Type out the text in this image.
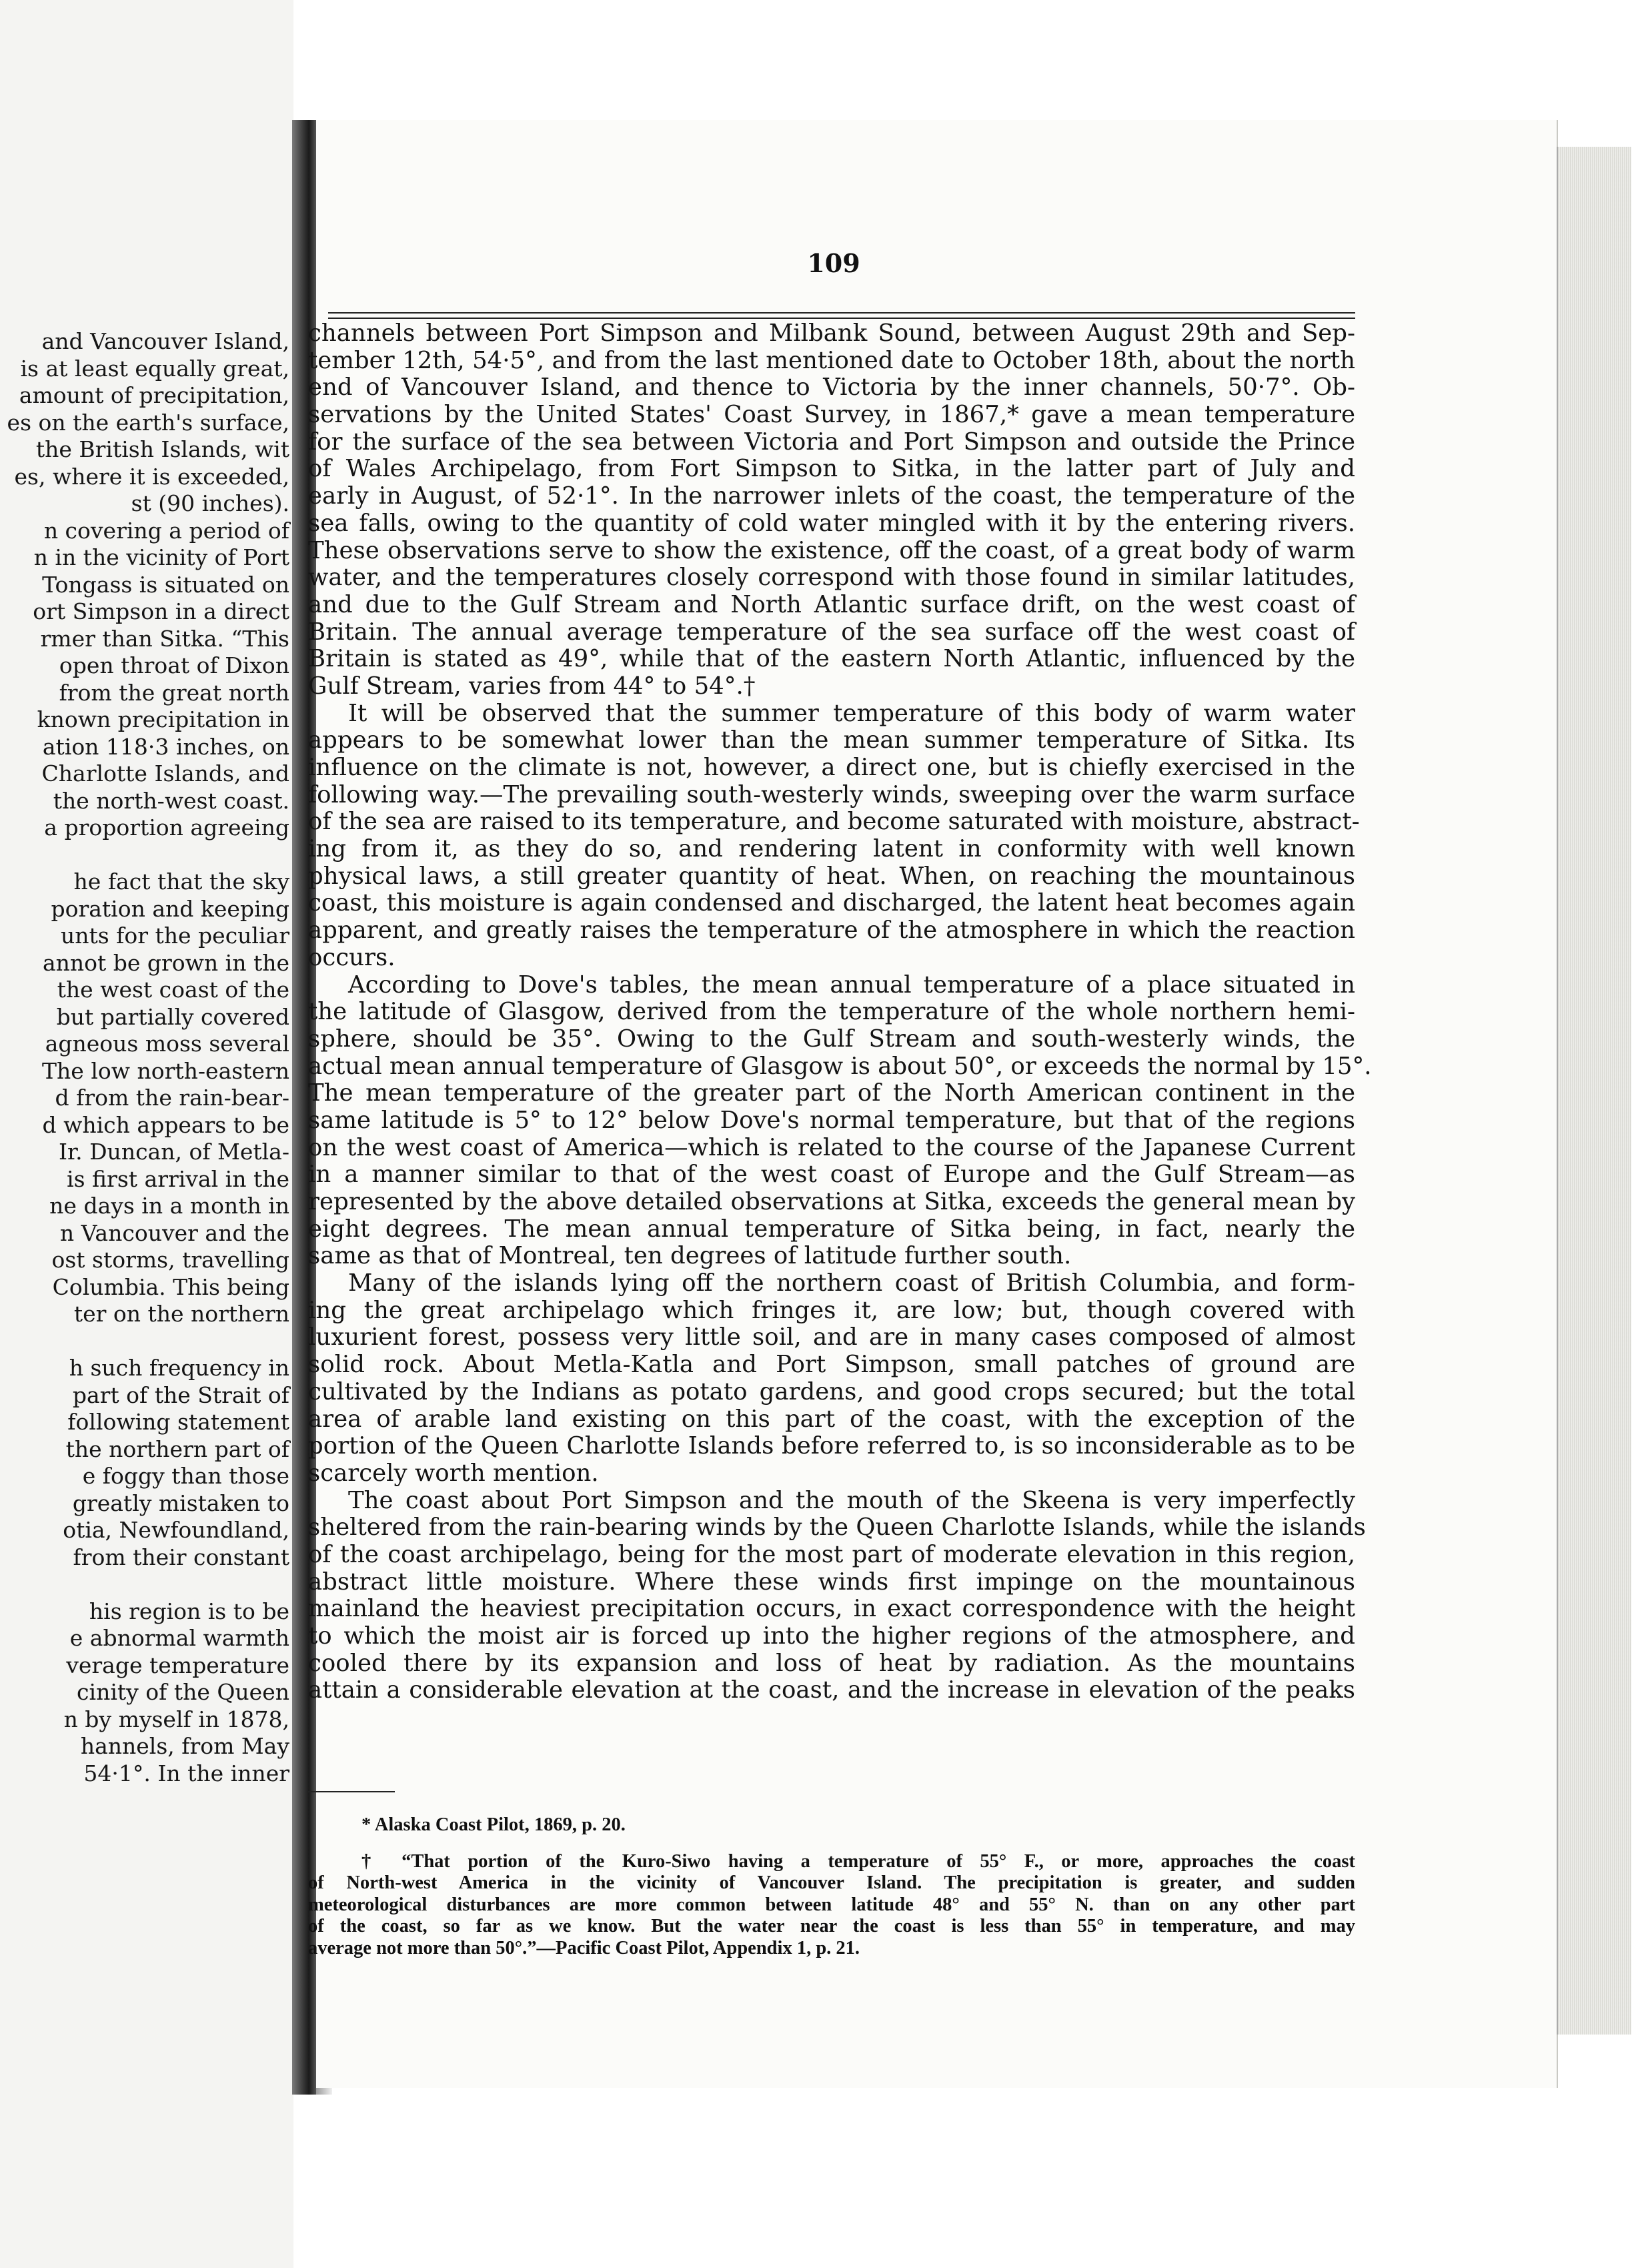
and Vancouver Island,
is at least equally great,
amount of precipitation,
es on the earth's surface,
the British Islands, wit
es, where it is exceeded,
st (90 inches).
n covering a period of
n in the vicinity of Port
Tongass is situated on
ort Simpson in a direct
rmer than Sitka. “This
open throat of Dixon
from the great north
known precipitation in
ation 118·3 inches, on
Charlotte Islands, and
the north-west coast.
a proportion agreeing
he fact that the sky
poration and keeping
unts for the peculiar
annot be grown in the
the west coast of the
but partially covered
agneous moss several
The low north-eastern
d from the rain-bear-
d which appears to be
Ir. Duncan, of Metla-
is first arrival in the
ne days in a month in
n Vancouver and the
ost storms, travelling
Columbia. This being
ter on the northern
h such frequency in
part of the Strait of
following statement
the northern part of
e foggy than those
greatly mistaken to
otia, Newfoundland,
from their constant
his region is to be
e abnormal warmth
verage temperature
cinity of the Queen
n by myself in 1878,
hannels, from May
54·1°. In the inner
109
channels between Port Simpson and Milbank Sound, between August 29th and Sep-
tember 12th, 54·5°, and from the last mentioned date to October 18th, about the north
end of Vancouver Island, and thence to Victoria by the inner channels, 50·7°. Ob-
servations by the United States' Coast Survey, in 1867,* gave a mean temperature
for the surface of the sea between Victoria and Port Simpson and outside the Prince
of Wales Archipelago, from Fort Simpson to Sitka, in the latter part of July and
early in August, of 52·1°. In the narrower inlets of the coast, the temperature of the
sea falls, owing to the quantity of cold water mingled with it by the entering rivers.
These observations serve to show the existence, off the coast, of a great body of warm
water, and the temperatures closely correspond with those found in similar latitudes,
and due to the Gulf Stream and North Atlantic surface drift, on the west coast of
Britain. The annual average temperature of the sea surface off the west coast of
Britain is stated as 49°, while that of the eastern North Atlantic, influenced by the
Gulf Stream, varies from 44° to 54°.†
It will be observed that the summer temperature of this body of warm water
appears to be somewhat lower than the mean summer temperature of Sitka. Its
influence on the climate is not, however, a direct one, but is chiefly exercised in the
following way.—The prevailing south-westerly winds, sweeping over the warm surface
of the sea are raised to its temperature, and become saturated with moisture, abstract-
ing from it, as they do so, and rendering latent in conformity with well known
physical laws, a still greater quantity of heat. When, on reaching the mountainous
coast, this moisture is again condensed and discharged, the latent heat becomes again
apparent, and greatly raises the temperature of the atmosphere in which the reaction
occurs.
According to Dove's tables, the mean annual temperature of a place situated in
the latitude of Glasgow, derived from the temperature of the whole northern hemi-
sphere, should be 35°. Owing to the Gulf Stream and south-westerly winds, the
actual mean annual temperature of Glasgow is about 50°, or exceeds the normal by 15°.
The mean temperature of the greater part of the North American continent in the
same latitude is 5° to 12° below Dove's normal temperature, but that of the regions
on the west coast of America—which is related to the course of the Japanese Current
in a manner similar to that of the west coast of Europe and the Gulf Stream—as
represented by the above detailed observations at Sitka, exceeds the general mean by
eight degrees. The mean annual temperature of Sitka being, in fact, nearly the
same as that of Montreal, ten degrees of latitude further south.
Many of the islands lying off the northern coast of British Columbia, and form-
ing the great archipelago which fringes it, are low; but, though covered with
luxurient forest, possess very little soil, and are in many cases composed of almost
solid rock. About Metla-Katla and Port Simpson, small patches of ground are
cultivated by the Indians as potato gardens, and good crops secured; but the total
area of arable land existing on this part of the coast, with the exception of the
portion of the Queen Charlotte Islands before referred to, is so inconsiderable as to be
scarcely worth mention.
The coast about Port Simpson and the mouth of the Skeena is very imperfectly
sheltered from the rain-bearing winds by the Queen Charlotte Islands, while the islands
of the coast archipelago, being for the most part of moderate elevation in this region,
abstract little moisture. Where these winds first impinge on the mountainous
mainland the heaviest precipitation occurs, in exact correspondence with the height
to which the moist air is forced up into the higher regions of the atmosphere, and
cooled there by its expansion and loss of heat by radiation. As the mountains
attain a considerable elevation at the coast, and the increase in elevation of the peaks
* Alaska Coast Pilot, 1869, p. 20.
† “That portion of the Kuro-Siwo having a temperature of 55° F., or more, approaches the coast
of North-west America in the vicinity of Vancouver Island. The precipitation is greater, and sudden
meteorological disturbances are more common between latitude 48° and 55° N. than on any other part
of the coast, so far as we know. But the water near the coast is less than 55° in temperature, and may
average not more than 50°.”—Pacific Coast Pilot, Appendix 1, p. 21.
